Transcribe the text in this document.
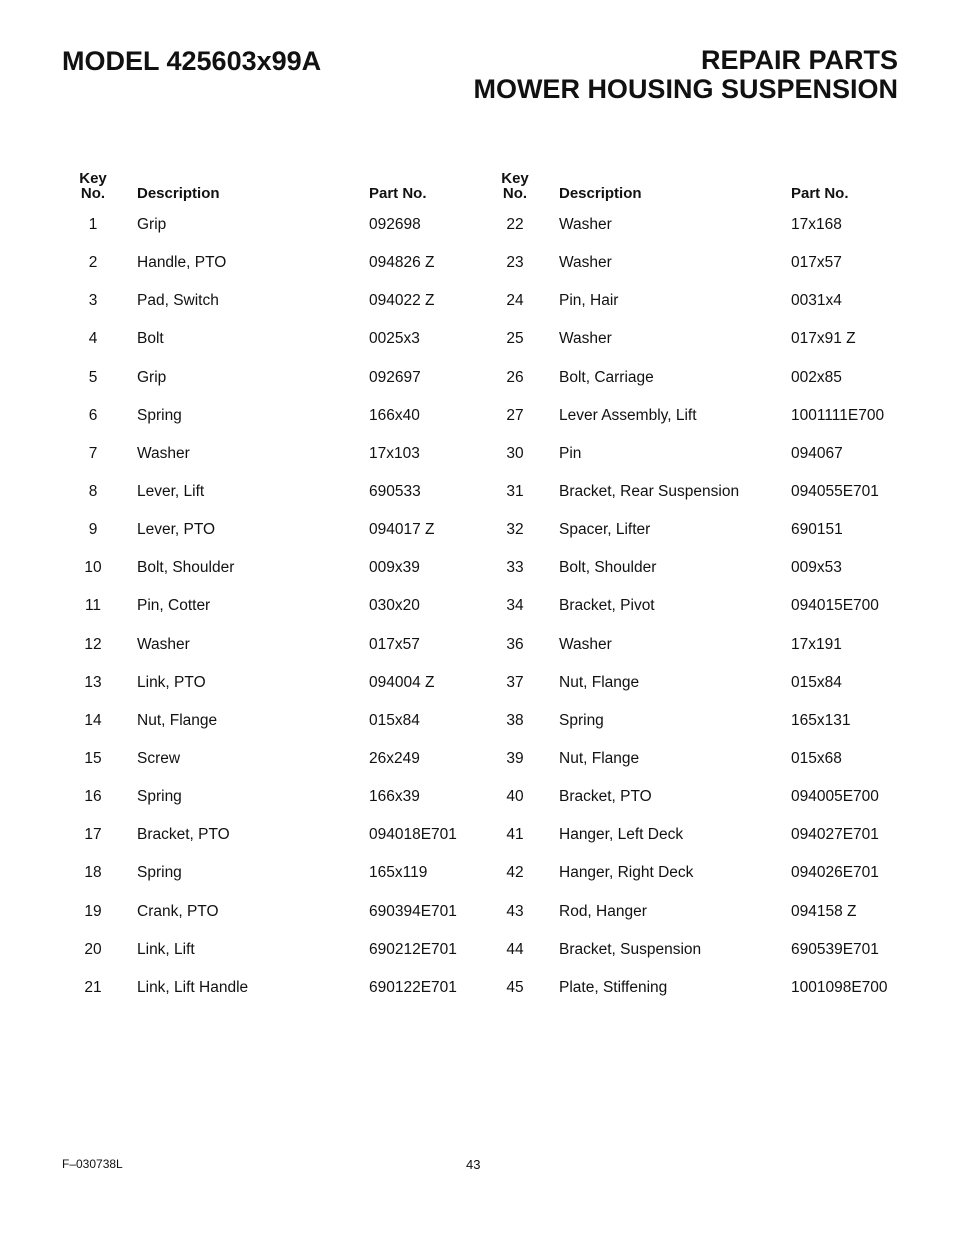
MODEL 425603x99A	REPAIR PARTS
MOWER HOUSING SUSPENSION
Key
No.	Description	Part No.
1	Grip	092698
2	Handle, PTO	094826 Z
3	Pad, Switch	094022 Z
4	Bolt	0025x3
5	Grip	092697
6	Spring	166x40
7	Washer	17x103
8	Lever, Lift	690533
9	Lever, PTO	094017 Z
10	Bolt, Shoulder	009x39
11	Pin, Cotter	030x20
12	Washer	017x57
13	Link, PTO	094004 Z
14	Nut, Flange	015x84
15	Screw	26x249
16	Spring	166x39
17	Bracket, PTO	094018E701
18	Spring	165x119
19	Crank, PTO	690394E701
20	Link, Lift	690212E701
21	Link, Lift Handle	690122E701
Key
No.	Description	Part No.
22	Washer	17x168
23	Washer	017x57
24	Pin, Hair	0031x4
25	Washer	017x91 Z
26	Bolt, Carriage	002x85
27	Lever Assembly, Lift	1001111E700
30	Pin	094067
31	Bracket, Rear Suspension	094055E701
32	Spacer, Lifter	690151
33	Bolt, Shoulder	009x53
34	Bracket, Pivot	094015E700
36	Washer	17x191
37	Nut, Flange	015x84
38	Spring	165x131
39	Nut, Flange	015x68
40	Bracket, PTO	094005E700
41	Hanger, Left Deck	094027E701
42	Hanger, Right Deck	094026E701
43	Rod, Hanger	094158 Z
44	Bracket, Suspension	690539E701
45	Plate, Stiffening	1001098E700
F–030738L	43
